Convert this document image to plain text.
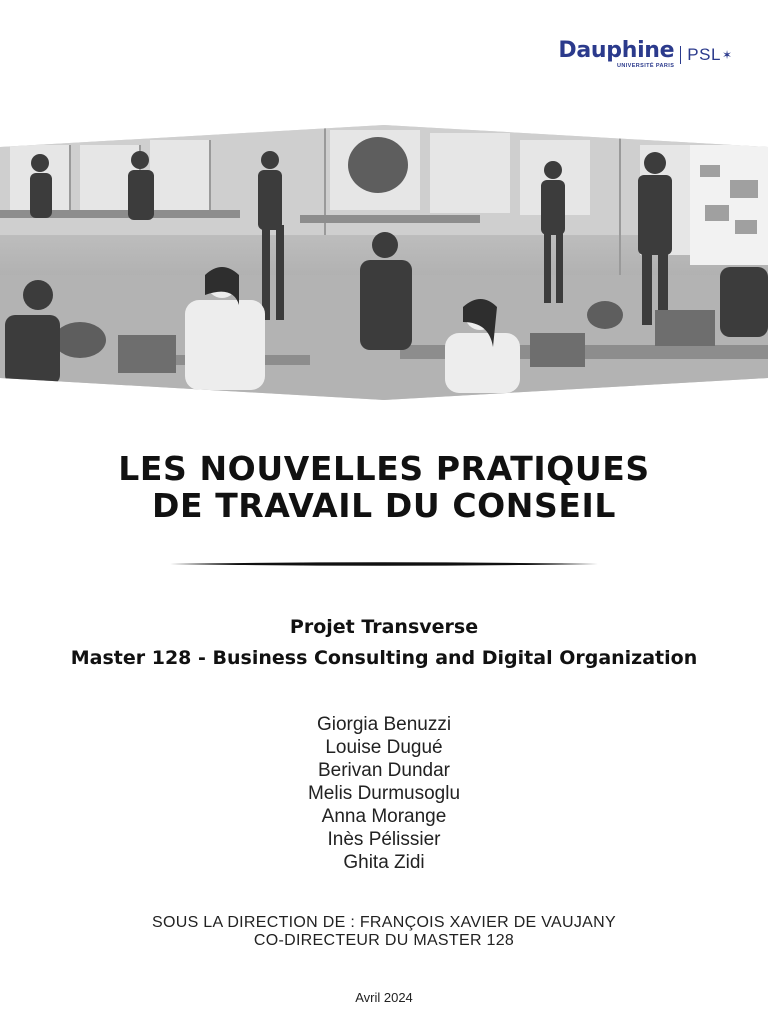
Dauphine
UNIVERSITÉ PARIS
PSL ✶
LES NOUVELLES PRATIQUES
DE TRAVAIL DU CONSEIL
Projet Transverse
Master 128 - Business Consulting and Digital Organization
Giorgia Benuzzi
Louise Dugué
Berivan Dundar
Melis Durmusoglu
Anna Morange
Inès Pélissier
Ghita Zidi
SOUS LA DIRECTION DE : FRANÇOIS XAVIER DE VAUJANY
CO-DIRECTEUR DU MASTER 128
Avril 2024
